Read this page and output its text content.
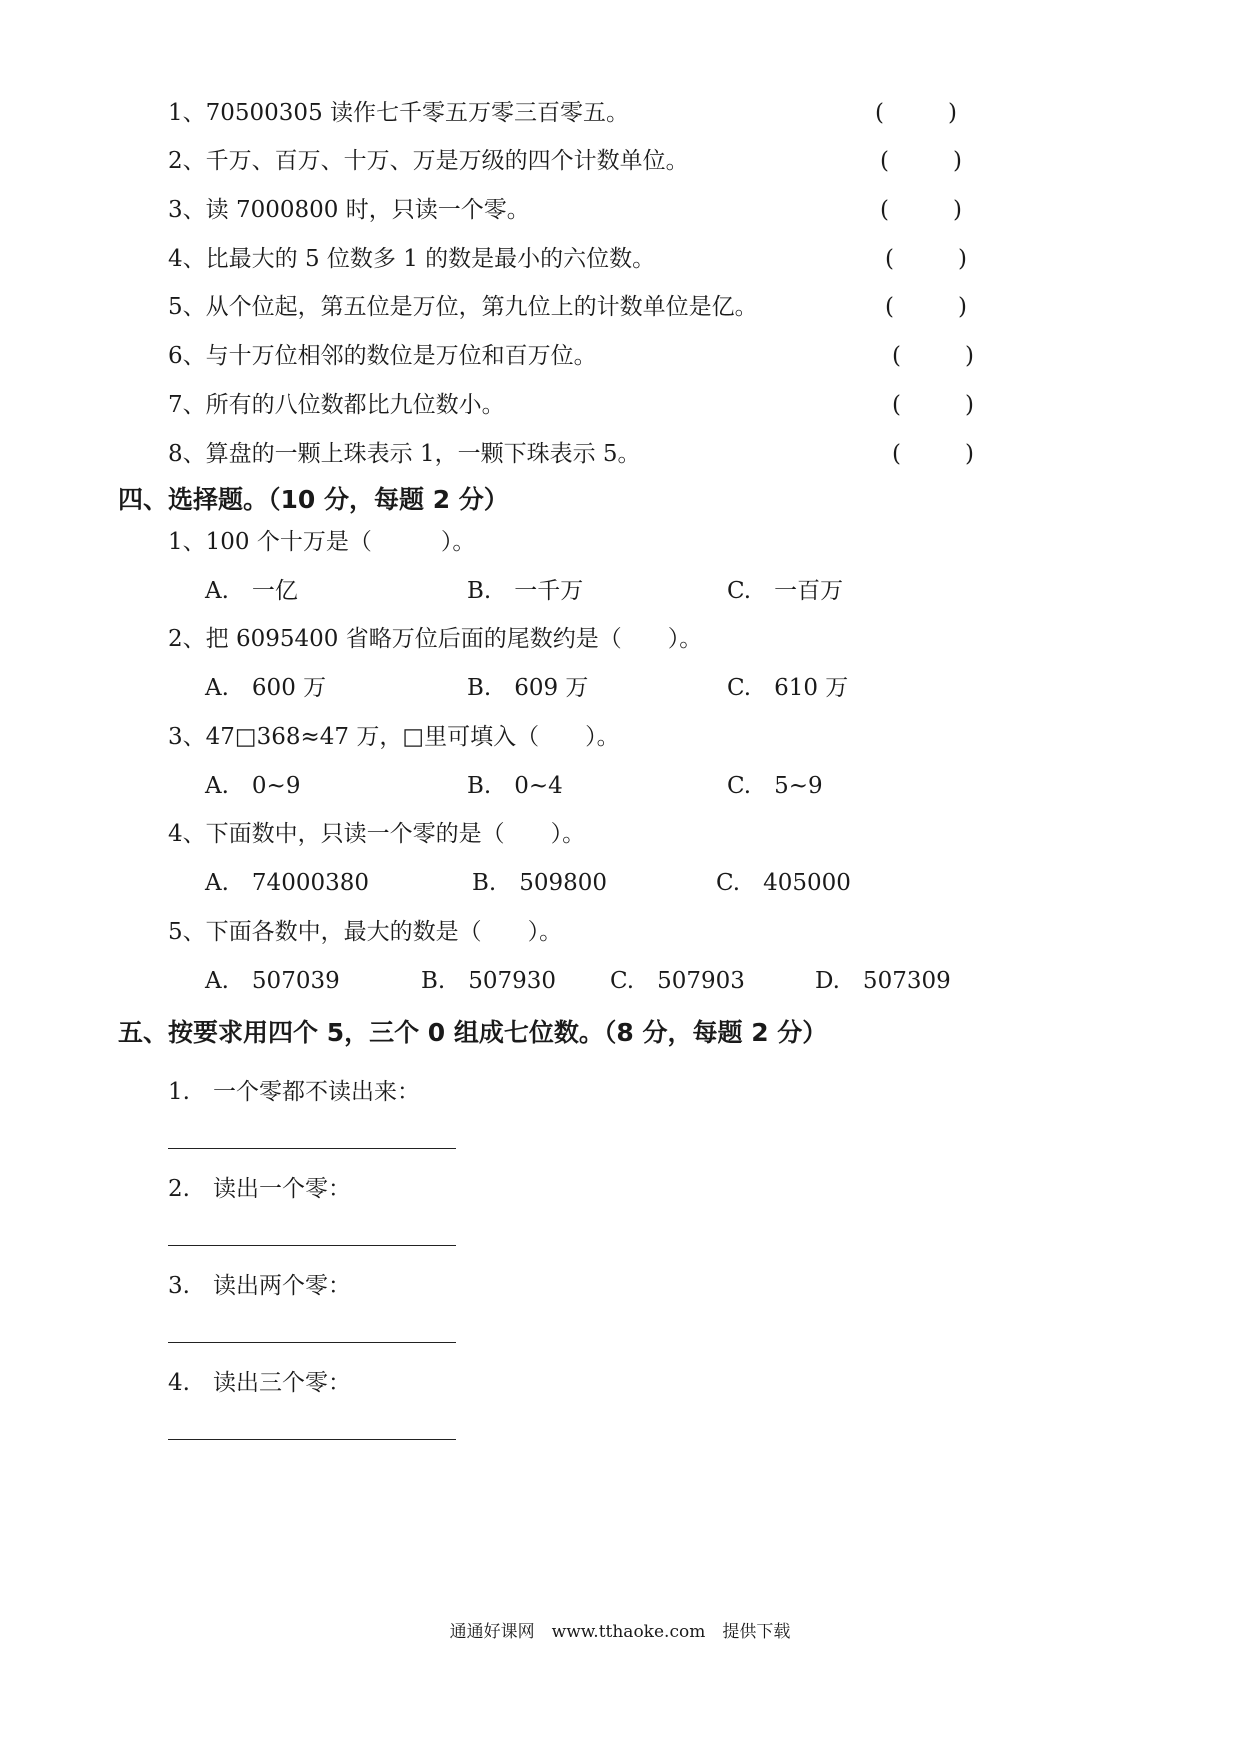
1、70500305 读作七千零五万零三百零五。	(	)
2、千万、百万、十万、万是万级的四个计数单位。	(	)
3、读 7000800 时，只读一个零。	(	)
4、比最大的 5 位数多 1 的数是最小的六位数。	(	)
5、从个位起，第五位是万位，第九位上的计数单位是亿。	(	)
6、与十万位相邻的数位是万位和百万位。	(	)
7、所有的八位数都比九位数小。	(	)
8、算盘的一颗上珠表示 1，一颗下珠表示 5。	(	)
四、选择题。（10 分，每题 2 分）
1、100 个十万是（　　　）。
A.　一亿	B.　一千万	C.　一百万
2、把 6095400 省略万位后面的尾数约是（　　）。
A.　600 万	B.　609 万	C.　610 万
3、47□368≈47 万，□里可填入（　　）。
A.　0~9	B.　0~4	C.　5~9
4、下面数中，只读一个零的是（　　）。
A.　74000380	B.　509800	C.　405000
5、下面各数中，最大的数是（　　）。
A.　507039	B.　507930 C.　507903	D.　507309
五、按要求用四个 5，三个 0 组成七位数。（8 分，每题 2 分）
1.　一个零都不读出来：
2.　读出一个零：
3.　读出两个零：
4.　读出三个零：
通通好课网　www.tthaoke.com　提供下载
